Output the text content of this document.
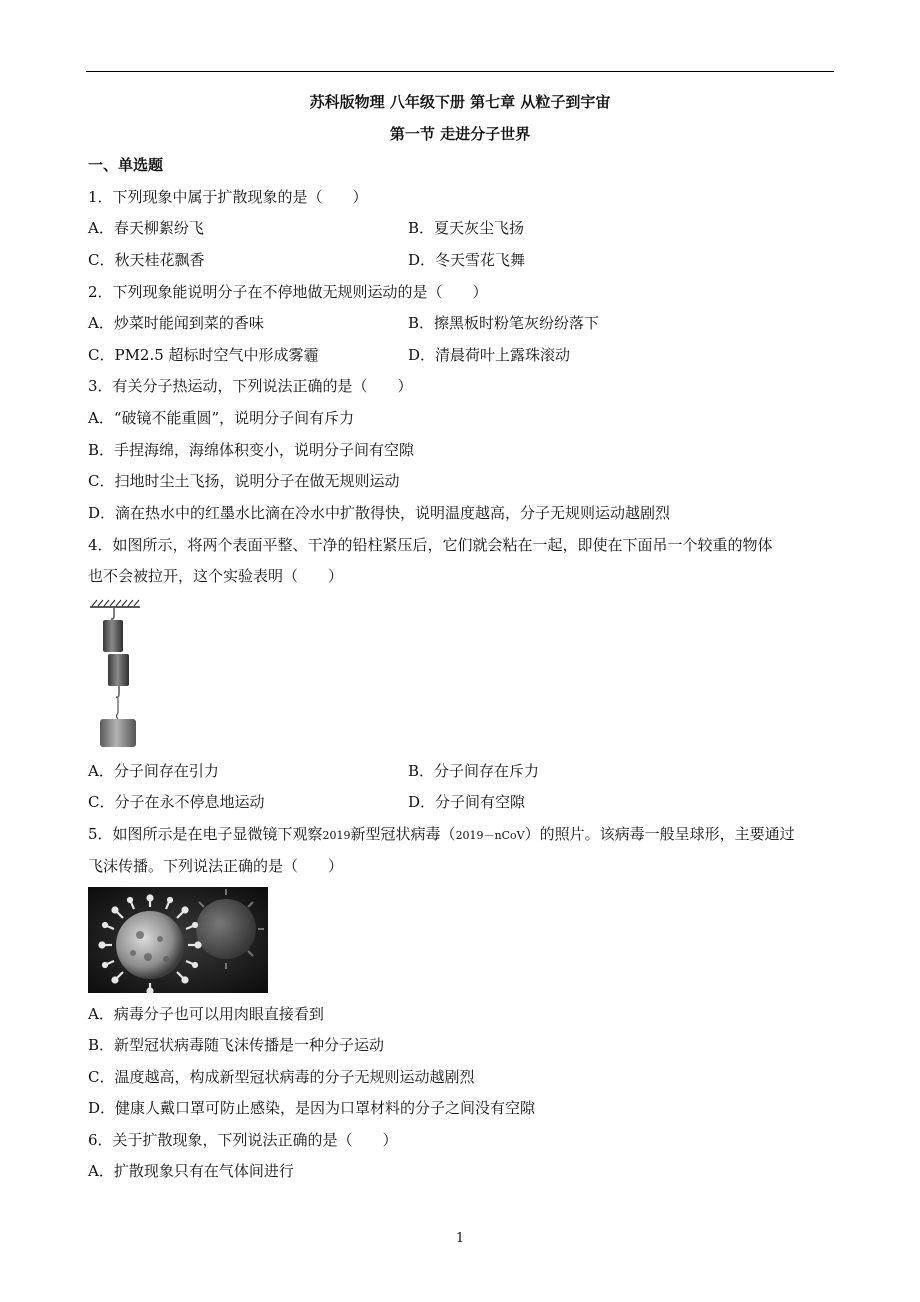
苏科版物理 八年级下册 第七章 从粒子到宇宙
第一节 走进分子世界
一、单选题
1．下列现象中属于扩散现象的是（　　）
A．春天柳絮纷飞	B．夏天灰尘飞扬
C．秋天桂花飘香	D．冬天雪花飞舞
2．下列现象能说明分子在不停地做无规则运动的是（　　）
A．炒菜时能闻到菜的香味	B．擦黑板时粉笔灰纷纷落下
C．PM2.5 超标时空气中形成雾霾	D．清晨荷叶上露珠滚动
3．有关分子热运动，下列说法正确的是（　　）
A．“破镜不能重圆”，说明分子间有斥力
B．手捏海绵，海绵体积变小，说明分子间有空隙
C．扫地时尘土飞扬，说明分子在做无规则运动
D．滴在热水中的红墨水比滴在冷水中扩散得快，说明温度越高，分子无规则运动越剧烈
4．如图所示，将两个表面平整、干净的铅柱紧压后，它们就会粘在一起，即使在下面吊一个较重的物体
也不会被拉开，这个实验表明（　　）
A．分子间存在引力	B．分子间存在斥力
C．分子在永不停息地运动	D．分子间有空隙
5．如图所示是在电子显微镜下观察2019新型冠状病毒（2019－nCoV）的照片。该病毒一般呈球形，主要通过
飞沫传播。下列说法正确的是（　　）
A．病毒分子也可以用肉眼直接看到
B．新型冠状病毒随飞沫传播是一种分子运动
C．温度越高，构成新型冠状病毒的分子无规则运动越剧烈
D．健康人戴口罩可防止感染，是因为口罩材料的分子之间没有空隙
6．关于扩散现象，下列说法正确的是（　　）
A．扩散现象只有在气体间进行
1
